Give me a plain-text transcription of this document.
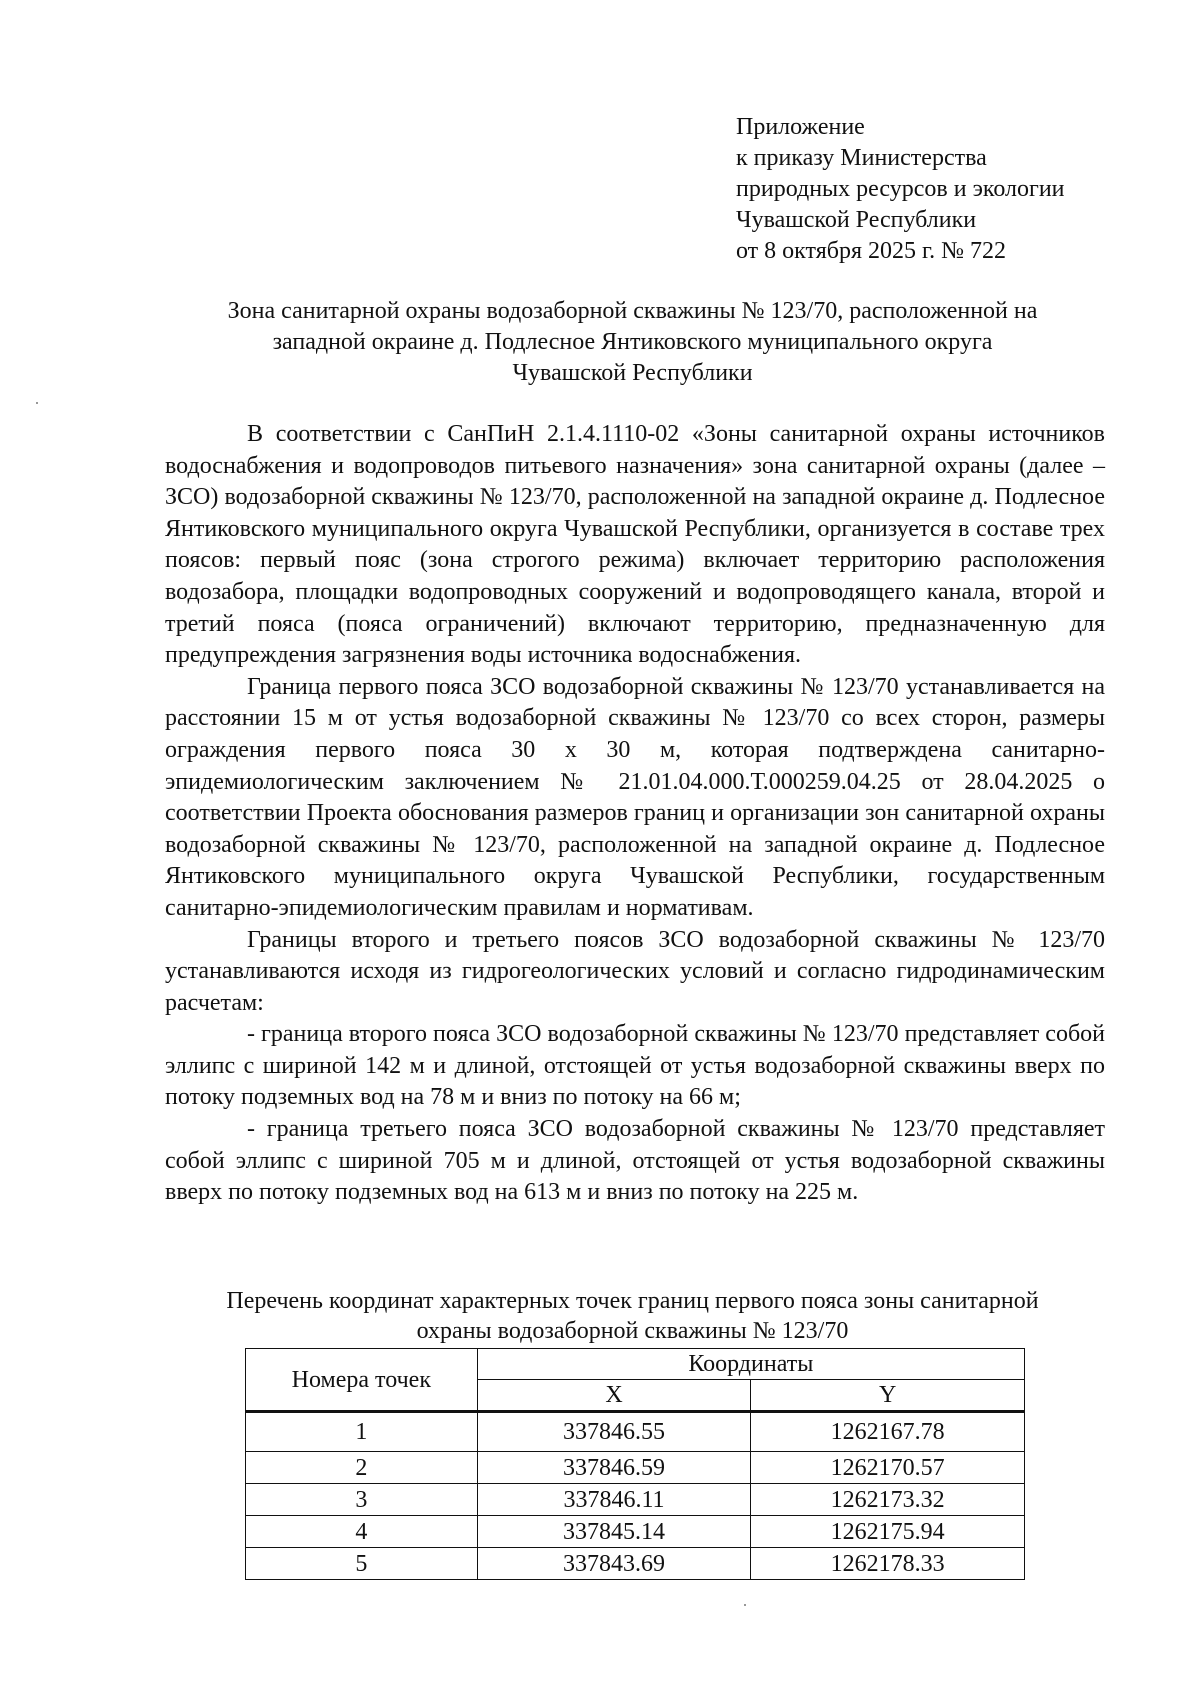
Приложение
к приказу Министерства
природных ресурсов и экологии
Чувашской Республики
от 8 октября 2025 г. № 722
Зона санитарной охраны водозаборной скважины № 123/70, расположенной на
западной окраине д. Подлесное Янтиковского муниципального округа
Чувашской Республики

В соответствии с СанПиН 2.1.4.1110-02 «Зоны санитарной охраны источников водоснабжения и водопроводов питьевого назначения» зона санитарной охраны (далее – ЗСО) водозаборной скважины № 123/70, расположенной на западной окраине д. Подлесное Янтиковского муниципального округа Чувашской Республики, организуется в составе трех поясов: первый пояс (зона строгого режима) включает территорию расположения водозабора, площадки водопроводных сооружений и водопроводящего канала, второй и третий пояса (пояса ограничений) включают территорию, предназначенную для предупреждения загрязнения воды источника водоснабжения.

Граница первого пояса ЗСО водозаборной скважины № 123/70 устанавливается на расстоянии 15 м от устья водозаборной скважины № 123/70 со всех сторон, размеры ограждения первого пояса 30 х 30 м, которая подтверждена санитарно-эпидемиологическим заключением № 21.01.04.000.Т.000259.04.25 от 28.04.2025 о соответствии Проекта обоснования размеров границ и организации зон санитарной охраны водозаборной скважины № 123/70, расположенной на западной окраине д. Подлесное Янтиковского муниципального округа Чувашской Республики, государственным санитарно-эпидемиологическим правилам и нормативам.

Границы второго и третьего поясов ЗСО водозаборной скважины № 123/70 устанавливаются исходя из гидрогеологических условий и согласно гидродинамическим расчетам:

- граница второго пояса ЗСО водозаборной скважины № 123/70 представляет собой эллипс с шириной 142 м и длиной, отстоящей от устья водозаборной скважины вверх по потоку подземных вод на 78 м и вниз по потоку на 66 м;

- граница третьего пояса ЗСО водозаборной скважины № 123/70 представляет собой эллипс с шириной 705 м и длиной, отстоящей от устья водозаборной скважины вверх по потоку подземных вод на 613 м и вниз по потоку на 225 м.

Перечень координат характерных точек границ первого пояса зоны санитарной
охраны водозаборной скважины № 123/70
Номера точек	Координаты	
	X	Y
1	337846.55	1262167.78
2	337846.59	1262170.57
3	337846.11	1262173.32
4	337845.14	1262175.94
5	337843.69	1262178.33
